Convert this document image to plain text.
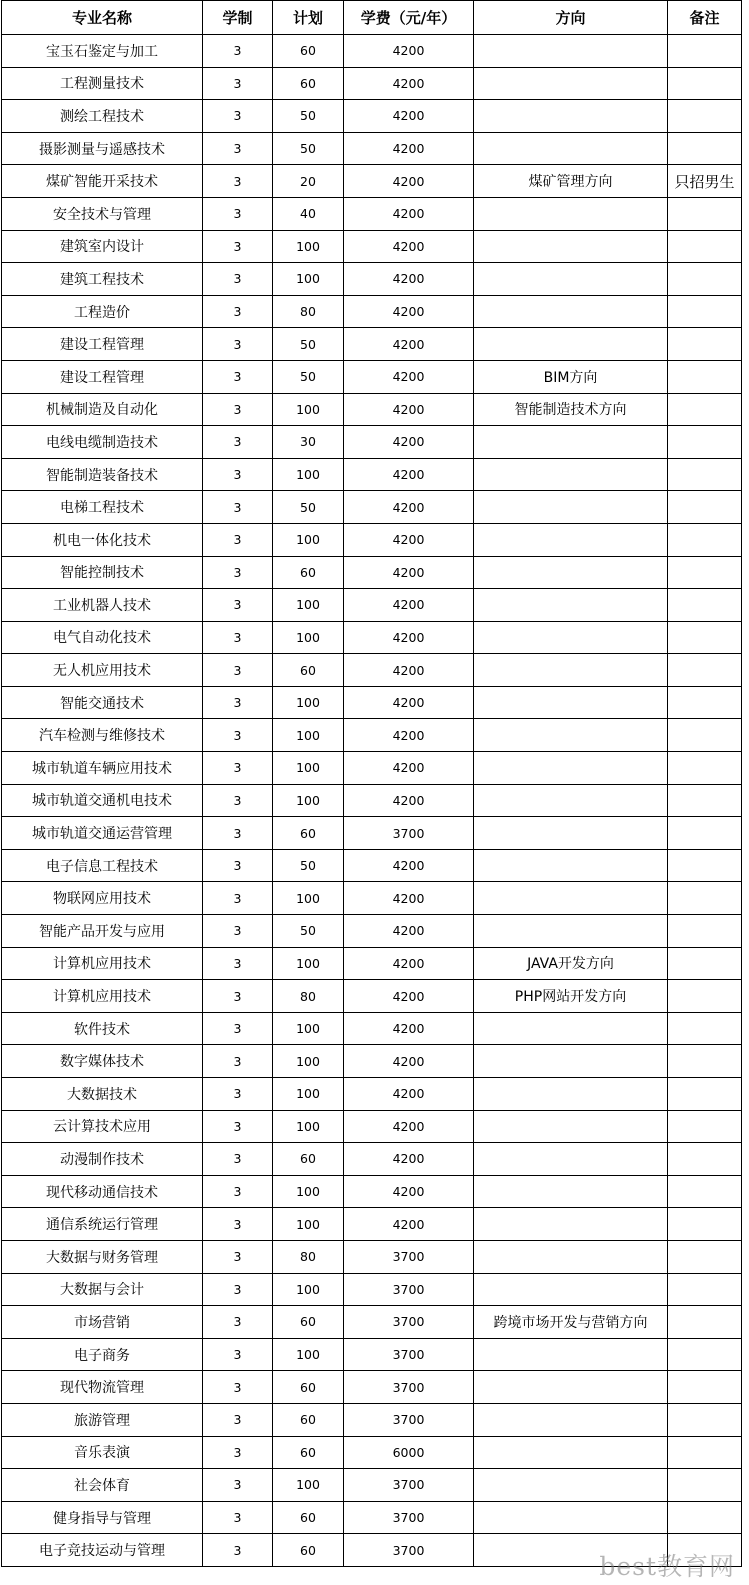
专业名称	学制	计划	学费（元/年）	方向	备注
宝玉石鉴定与加工	3	60	4200		
工程测量技术	3	60	4200		
测绘工程技术	3	50	4200		
摄影测量与遥感技术	3	50	4200		
煤矿智能开采技术	3	20	4200	煤矿管理方向	只招男生
安全技术与管理	3	40	4200		
建筑室内设计	3	100	4200		
建筑工程技术	3	100	4200		
工程造价	3	80	4200		
建设工程管理	3	50	4200		
建设工程管理	3	50	4200	BIM方向	
机械制造及自动化	3	100	4200	智能制造技术方向	
电线电缆制造技术	3	30	4200		
智能制造装备技术	3	100	4200		
电梯工程技术	3	50	4200		
机电一体化技术	3	100	4200		
智能控制技术	3	60	4200		
工业机器人技术	3	100	4200		
电气自动化技术	3	100	4200		
无人机应用技术	3	60	4200		
智能交通技术	3	100	4200		
汽车检测与维修技术	3	100	4200		
城市轨道车辆应用技术	3	100	4200		
城市轨道交通机电技术	3	100	4200		
城市轨道交通运营管理	3	60	3700		
电子信息工程技术	3	50	4200		
物联网应用技术	3	100	4200		
智能产品开发与应用	3	50	4200		
计算机应用技术	3	100	4200	JAVA开发方向	
计算机应用技术	3	80	4200	PHP网站开发方向	
软件技术	3	100	4200		
数字媒体技术	3	100	4200		
大数据技术	3	100	4200		
云计算技术应用	3	100	4200		
动漫制作技术	3	60	4200		
现代移动通信技术	3	100	4200		
通信系统运行管理	3	100	4200		
大数据与财务管理	3	80	3700		
大数据与会计	3	100	3700		
市场营销	3	60	3700	跨境市场开发与营销方向	
电子商务	3	100	3700		
现代物流管理	3	60	3700		
旅游管理	3	60	3700		
音乐表演	3	60	6000		
社会体育	3	100	3700		
健身指导与管理	3	60	3700		
电子竞技运动与管理	3	60	3700		
best教育网
